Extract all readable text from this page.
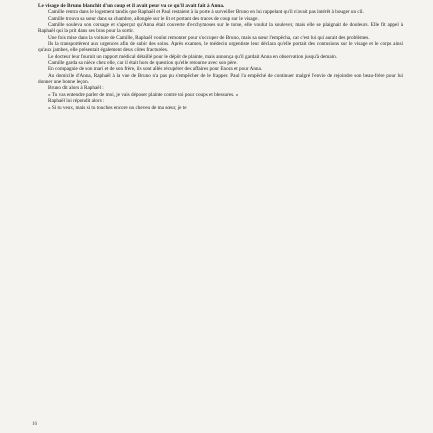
Le visage de Bruno blanchit d'un coup et il avait peur vu ce qu'il avait fait à Anna.

Camille rentra dans le logement tandis que Raphaël et Paul restaient à la porte à surveiller Bruno en lui rappelant qu'il n'avait pas intérêt à bouger un cil.

Camille trouva sa sœur dans sa chambre, allongée sur le lit et portant des traces de coup sur le visage.

Camille souleva son corsage et s'aperçut qu'Anna était couverte d'ecchymoses sur le torse, elle voulut la soulever, mais elle se plaignait de douleurs. Elle fit appel à Raphaël qui la prit dans ses bras pour la sortir.

Une fois mise dans la voiture de Camille, Raphaël voulut remonter pour s'occuper de Bruno, mais sa sœur l'empêcha, car c'est lui qui aurait des problèmes.

Ils la transportèrent aux urgences afin de subir des soins. Après examen, le médecin urgentiste leur déclara qu'elle portait des contusions sur le visage et le corps ainsi qu'aux jambes, elle présentait également deux côtes fracturées.

Le docteur leur fournit un rapport médical détaillé pour le dépôt de plainte, mais annonça qu'il gardait Anna en observation jusqu'à demain.

Camille garda sa nièce chez elle, car il était hors de question qu'elle retourne avec son père.

En compagnie de son mari et de son frère, ils sont allés récupérer des affaires pour Enora et pour Anna.

Au domicile d'Anna, Raphaël à la vue de Bruno n'a pas pu s'empêcher de le frapper. Paul l'a empêché de continuer malgré l'envie de rejoindre son beau-frère pour lui donner une bonne leçon.

Bruno dit alors à Raphaël :

« Tu vas entendre parler de moi, je vais déposer plainte contre toi pour coups et blessures. »

Raphaël lui répondit alors :

« Si tu veux, mais si tu touches encore un cheveu de ma sœur, je te

16
